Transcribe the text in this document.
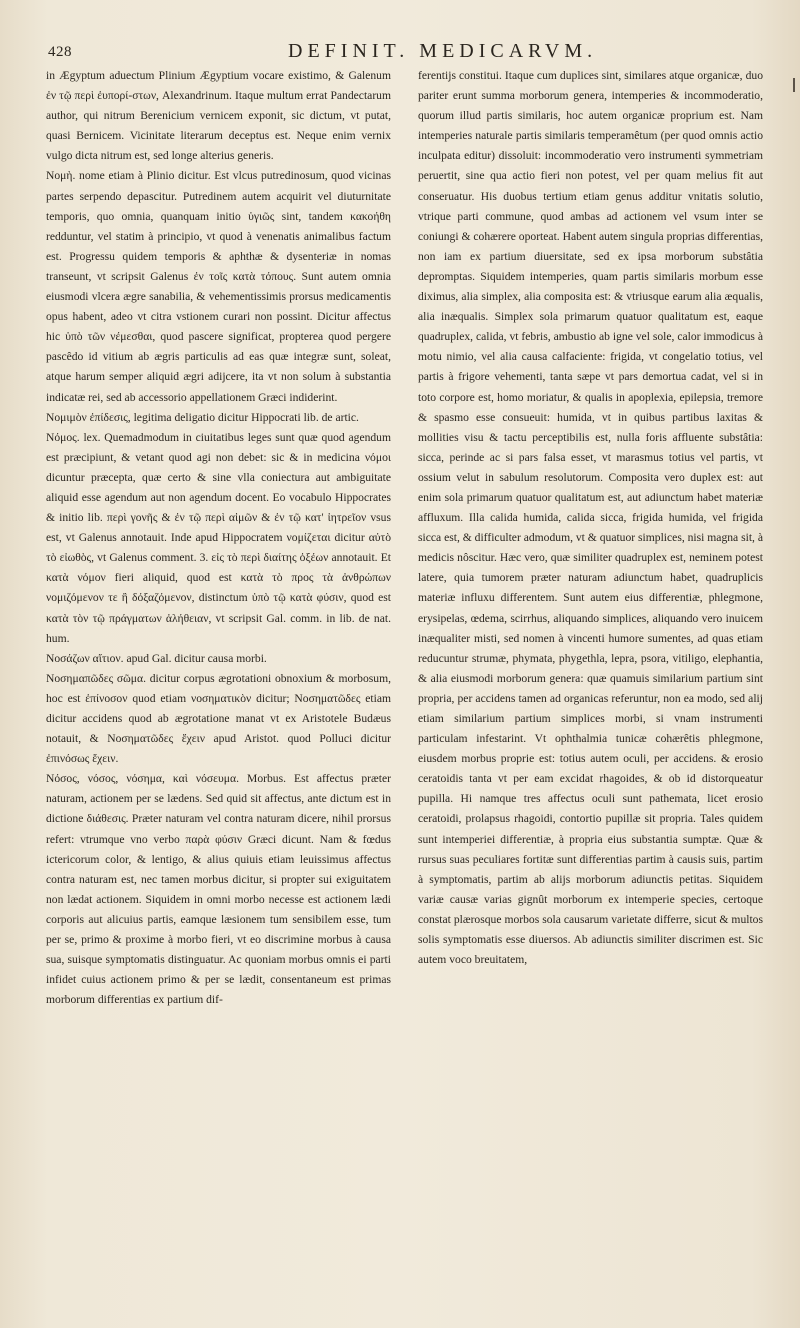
428	DEFINIT. MEDICARVM.

in Ægyptum aduectum Plinium Ægyptium vocare existimo, & Galenum ἐν τῷ περὶ ἐυπορί-στων, Alexandrinum. Itaque multum errat Pandectarum author, qui nitrum Berenicium vernicem exponit, sic dictum, vt putat, quasi Bernicem. Vicinitate literarum deceptus est. Neque enim vernix vulgo dicta nitrum est, sed longe alterius generis.

Νομὴ. nome etiam à Plinio dicitur. Est vlcus putredinosum, quod vicinas partes serpendo depascitur. Putredinem autem acquirit vel diuturnitate temporis, quo omnia, quanquam initio ὑγιῶς sint, tandem κακοήθη redduntur, vel statim à principio, vt quod à venenatis animalibus factum est. Progressu quidem temporis & aphthæ & dysenteriæ in nomas transeunt, vt scripsit Galenus ἐν τοῖς κατὰ τόπους. Sunt autem omnia eiusmodi vlcera ægre sanabilia, & vehementissimis prorsus medicamentis opus habent, adeo vt citra vstionem curari non possint. Dicitur affectus hic ὑπὸ τῶν νέμεσθαι, quod pascere significat, propterea quod pergere pascêdo id vitium ab ægris particulis ad eas quæ integræ sunt, soleat, atque harum semper aliquid ægri adijcere, ita vt non solum à substantia indicatæ rei, sed ab accessorio appellationem Græci indiderint.

Νομιμὸν ἐπίδεσις, legitima deligatio dicitur Hippocrati lib. de artic.

Νόμος. lex. Quemadmodum in ciuitatibus leges sunt quæ quod agendum est præcipiunt, & vetant quod agi non debet: sic & in medicina νόμοι dicuntur præcepta, quæ certo & sine vlla coniectura aut ambiguitate aliquid esse agendum aut non agendum docent. Eo vocabulo Hippocrates & initio lib. περὶ γονῆς & ἐν τῷ περὶ αἱμῶν & ἐν τῷ κατ' ἰητρεῖον vsus est, vt Galenus annotauit. Inde apud Hippocratem νομίζεται dicitur αὐτὸ τὸ εἰωθὸς, vt Galenus comment. 3. εἰς τὸ περὶ διαίτης ὀξέων annotauit. Et κατὰ νόμον fieri aliquid, quod est κατὰ τὸ προς τὰ ἀνθρώπων νομιζόμενον τε ἢ δόξαζόμενον, distinctum ὑπὸ τῷ κατὰ φύσιν, quod est κατὰ τὸν τῷ πράγματων ἀλήθειαν, vt scripsit Gal. comm. in lib. de nat. hum.

Νοσάζων αἴτιον. apud Gal. dicitur causa morbi.

Νοσημαπῶδες σῶμα. dicitur corpus ægrotationi obnoxium & morbosum, hoc est ἐπίνοσον quod etiam νοσηματικὸν dicitur; Νοσηματῶδες etiam dicitur accidens quod ab ægrotatione manat vt ex Aristotele Budæus notauit, & Νοσηματῶδες ἔχειν apud Aristot. quod Polluci dicitur ἐπινόσως ἔχειν.

Νόσος, νόσος, νόσημα, καὶ νόσευμα. Morbus. Est affectus præter naturam, actionem per se lædens. Sed quid sit affectus, ante dictum est in dictione διάθεσις. Præter naturam vel contra naturam dicere, nihil prorsus refert: vtrumque vno verbo παρὰ φύσιν Græci dicunt. Nam & fœdus ictericorum color, & lentigo, & alius quiuis etiam leuissimus affectus contra naturam est, nec tamen morbus dicitur, si propter sui exiguitatem non lædat actionem. Siquidem in omni morbo necesse est actionem lædi corporis aut alicuius partis, eamque læsionem tum sensibilem esse, tum per se, primo & proxime à morbo fieri, vt eo discrimine morbus à causa sua, suisque symptomatis distinguatur. Ac quoniam morbus omnis ei parti infidet cuius actionem primo & per se lædit, consentaneum est primas morborum differentias ex partium dif-

ferentijs constitui. Itaque cum duplices sint, similares atque organicæ, duo pariter erunt summa morborum genera, intemperies & incommoderatio, quorum illud partis similaris, hoc autem organicæ proprium est. Nam intemperies naturale partis similaris temperamêtum (per quod omnis actio inculpata editur) dissoluit: incommoderatio vero instrumenti symmetriam peruertit, sine qua actio fieri non potest, vel per quam melius fit aut conseruatur. His duobus tertium etiam genus additur vnitatis solutio, vtrique parti commune, quod ambas ad actionem vel vsum inter se coniungi & cohærere oporteat. Habent autem singula proprias differentias, non iam ex partium diuersitate, sed ex ipsa morborum substâtia depromptas. Siquidem intemperies, quam partis similaris morbum esse diximus, alia simplex, alia composita est: & vtriusque earum alia æqualis, alia inæqualis. Simplex sola primarum quatuor qualitatum est, eaque quadruplex, calida, vt febris, ambustio ab igne vel sole, calor immodicus à motu nimio, vel alia causa calfaciente: frigida, vt congelatio totius, vel partis à frigore vehementi, tanta sæpe vt pars demortua cadat, vel si in toto corpore est, homo moriatur, & qualis in apoplexia, epilepsia, tremore & spasmo esse consueuit: humida, vt in quibus partibus laxitas & mollities visu & tactu perceptibilis est, nulla foris affluente substâtia: sicca, perinde ac si pars falsa esset, vt marasmus totius vel partis, vt ossium velut in sabulum resolutorum. Composita vero duplex est: aut enim sola primarum quatuor qualitatum est, aut adiunctum habet materiæ affluxum. Illa calida humida, calida sicca, frigida humida, vel frigida sicca est, & difficulter admodum, vt & quatuor simplices, nisi magna sit, à medicis nôscitur. Hæc vero, quæ similiter quadruplex est, neminem potest latere, quia tumorem præter naturam adiunctum habet, quadruplicis materiæ influxu differentem. Sunt autem eius differentiæ, phlegmone, erysipelas, œdema, scirrhus, aliquando simplices, aliquando vero inuicem inæqualiter misti, sed nomen à vincenti humore sumentes, ad quas etiam reducuntur strumæ, phymata, phygethla, lepra, psora, vitiligo, elephantia, & alia eiusmodi morborum genera: quæ quamuis similarium partium sint propria, per accidens tamen ad organicas referuntur, non ea modo, sed alij etiam similarium partium simplices morbi, si vnam instrumenti particulam infestarint. Vt ophthalmia tunicæ cohærêtis phlegmone, eiusdem morbus proprie est: totius autem oculi, per accidens. & erosio ceratoidis tanta vt per eam excidat rhagoides, & ob id distorqueatur pupilla. Hi namque tres affectus oculi sunt pathemata, licet erosio ceratoidi, prolapsus rhagoidi, contortio pupillæ sit propria. Tales quidem sunt intemperiei differentiæ, à propria eius substantia sumptæ. Quæ & rursus suas peculiares fortitæ sunt differentias partim à causis suis, partim à symptomatis, partim ab alijs morborum adiunctis petitas. Siquidem variæ causæ varias gignût morborum ex intemperie species, certoque constat plærosque morbos sola causarum varietate differre, sicut & multos solis symptomatis esse diuersos. Ab adiunctis similiter discrimen est. Sic autem voco breuitatem,
